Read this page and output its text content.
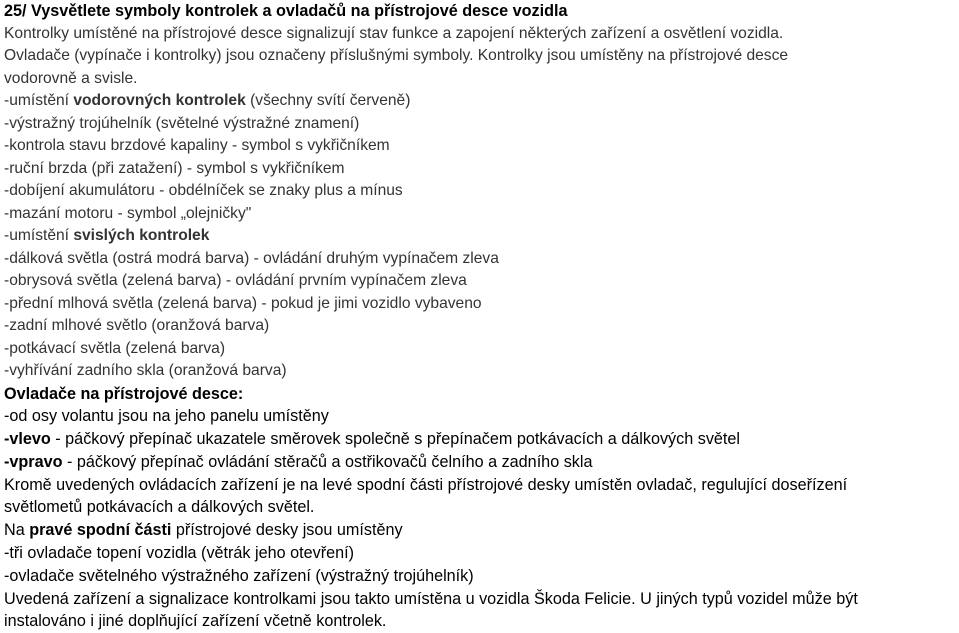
25/ Vysvětlete symboly kontrolek a ovladačů na přístrojové desce vozidla
Kontrolky umístěné na přístrojové desce signalizují stav funkce a zapojení některých zařízení a osvětlení vozidla.
Ovladače (vypínače i kontrolky) jsou označeny příslušnými symboly. Kontrolky jsou umístěny na přístrojové desce
vodorovně a svisle.
-umístění vodorovných kontrolek (všechny svítí červeně)
-výstražný trojúhelník (světelné výstražné znamení)
-kontrola stavu brzdové kapaliny - symbol s vykřičníkem
-ruční brzda (při zatažení) - symbol s vykřičníkem
-dobíjení akumulátoru - obdélníček se znaky plus a mínus
-mazání motoru - symbol „olejničky"
-umístění svislých kontrolek
-dálková světla (ostrá modrá barva) - ovládání druhým vypínačem zleva
-obrysová světla (zelená barva) - ovládání prvním vypínačem zleva
-přední mlhová světla (zelená barva) - pokud je jimi vozidlo vybaveno
-zadní mlhové světlo (oranžová barva)
-potkávací světla (zelená barva)
-vyhřívání zadního skla (oranžová barva)
Ovladače na přístrojové desce:
-od osy volantu jsou na jeho panelu umístěny
-vlevo - páčkový přepínač ukazatele směrovek společně s přepínačem potkávacích a dálkových světel
-vpravo - páčkový přepínač ovládání stěračů a ostřikovačů čelního a zadního skla
Kromě uvedených ovládacích zařízení je na levé spodní části přístrojové desky umístěn ovladač, regulující doseřízení
světlometů potkávacích a dálkových světel.
Na pravé spodní části přístrojové desky jsou umístěny
-tři ovladače topení vozidla (větrák jeho otevření)
-ovladače světelného výstražného zařízení (výstražný trojúhelník)
Uvedená zařízení a signalizace kontrolkami jsou takto umístěna u vozidla Škoda Felicie. U jiných typů vozidel může být
instalováno i jiné doplňující zařízení včetně kontrolek.
